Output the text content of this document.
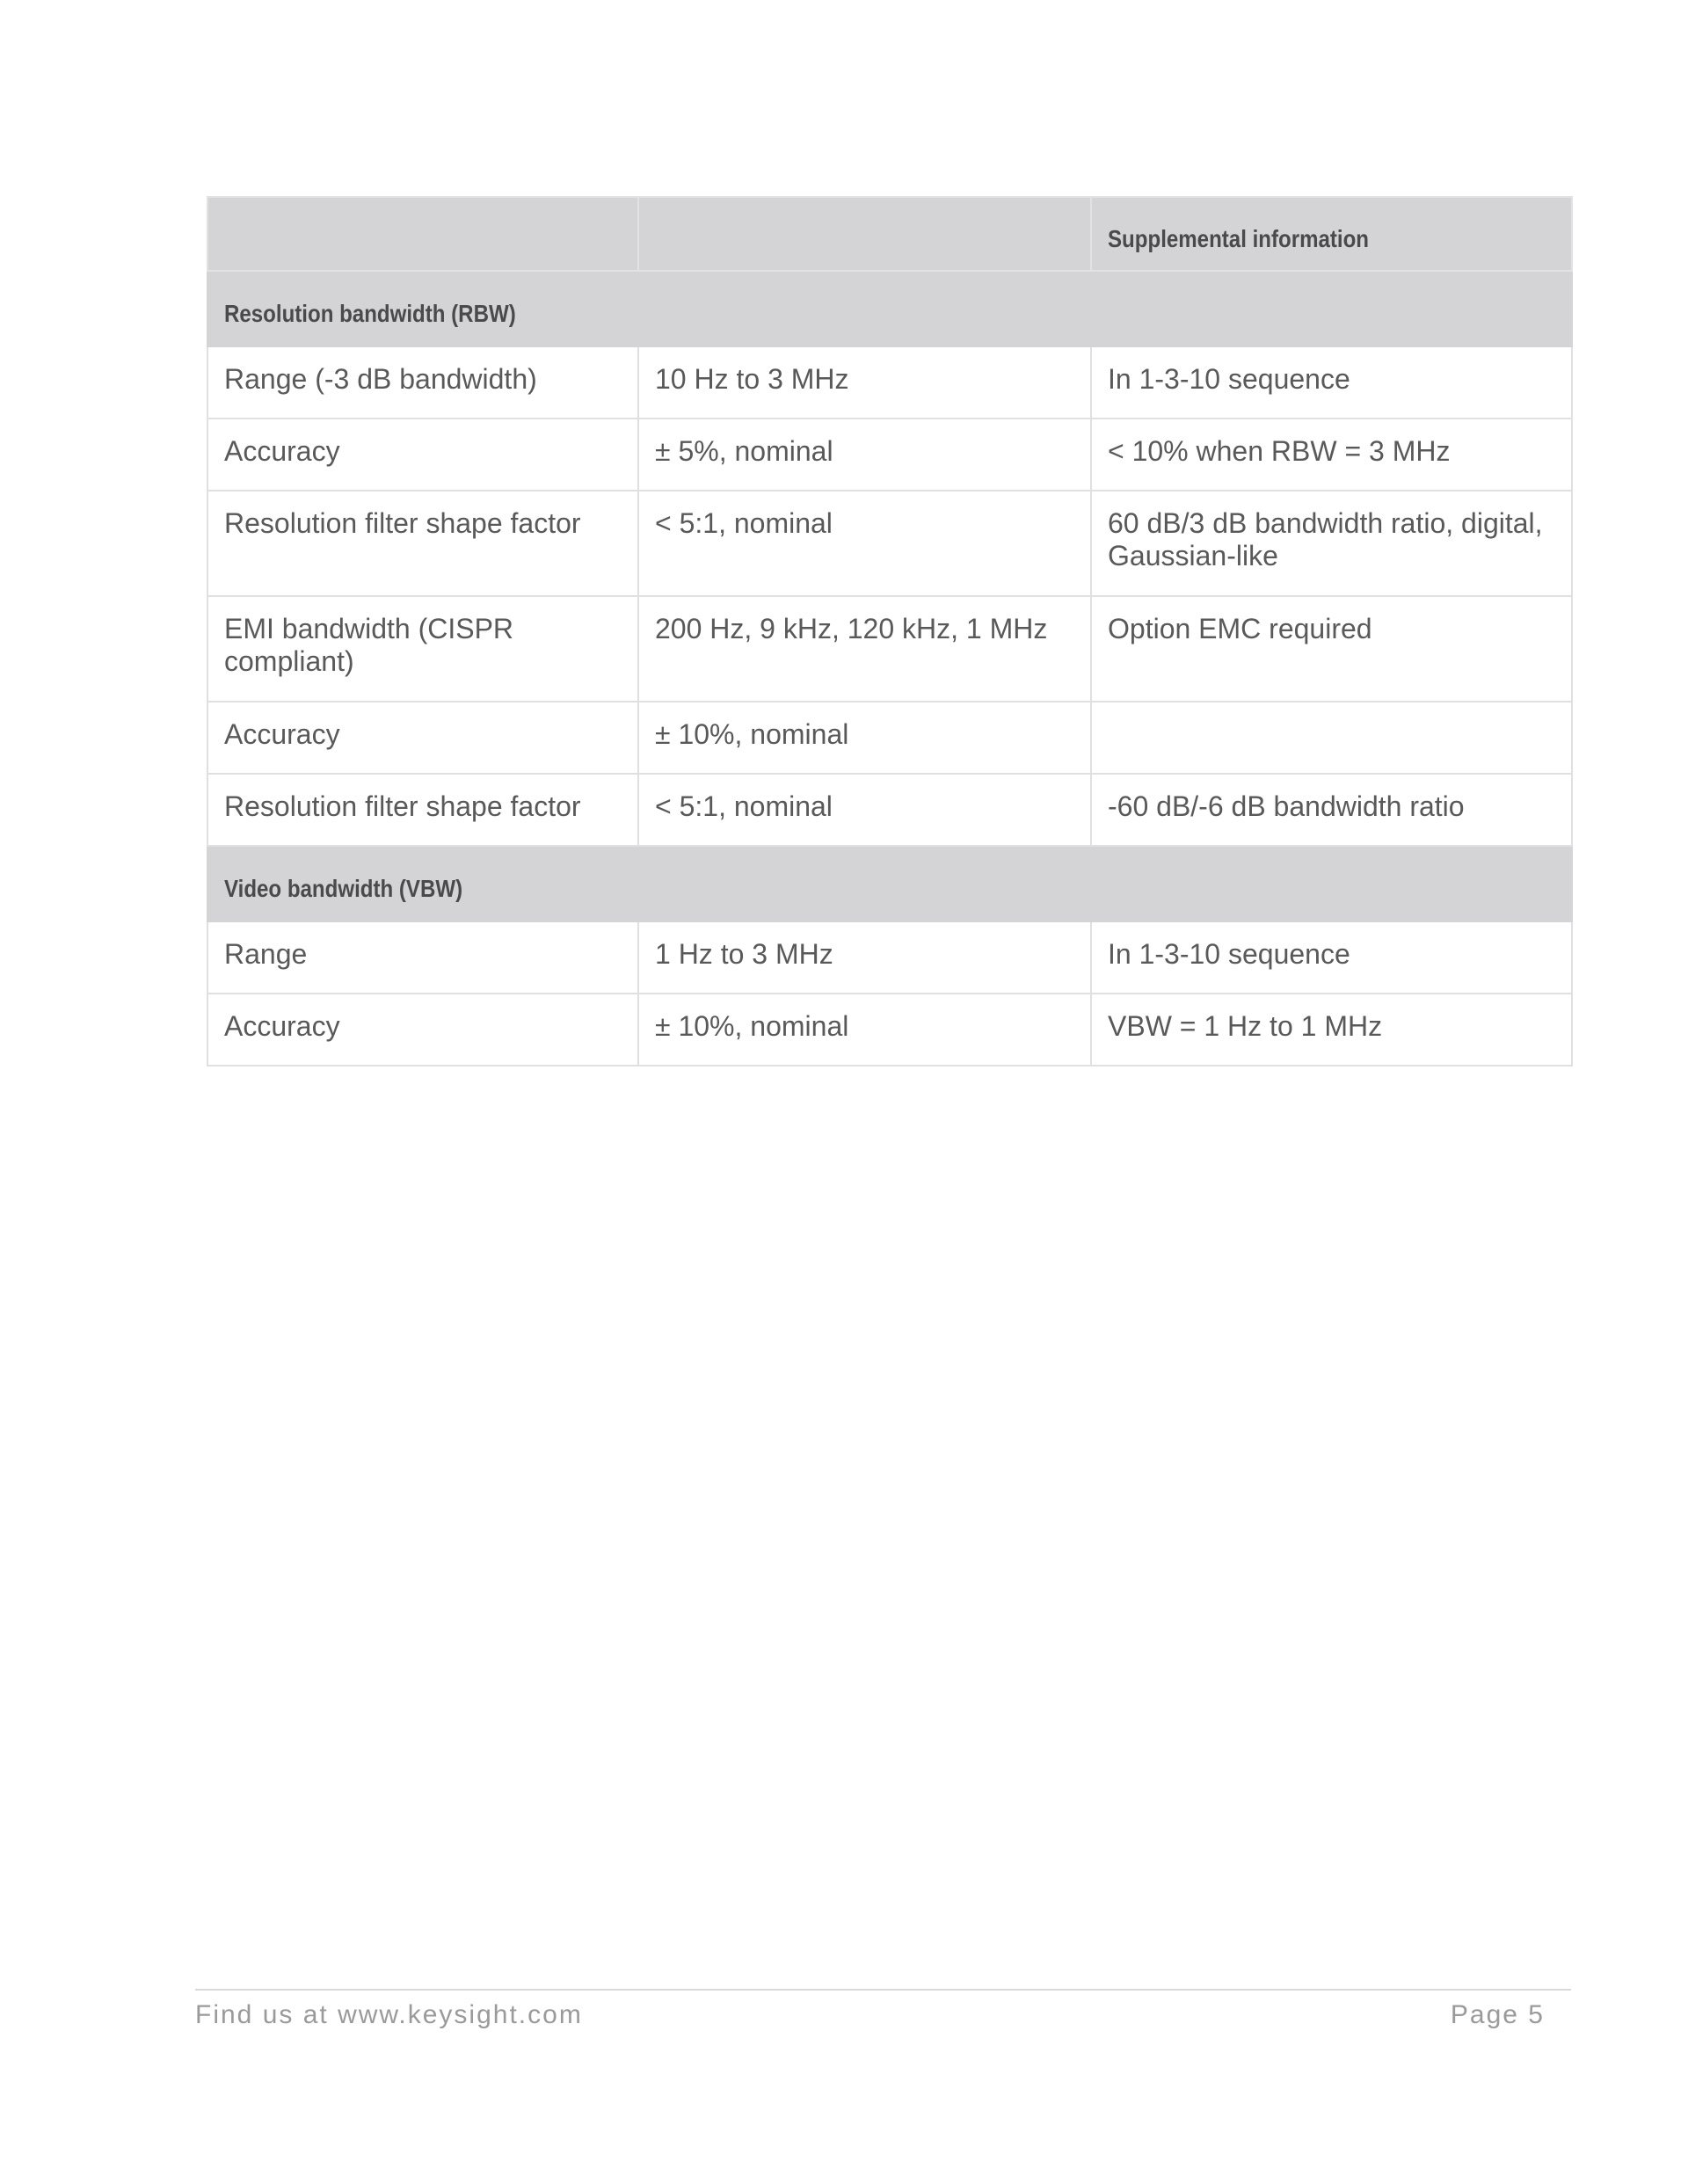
		Supplemental information
Resolution bandwidth (RBW)		
Range (-3 dB bandwidth)	10 Hz to 3 MHz	In 1-3-10 sequence
Accuracy	± 5%, nominal	< 10% when RBW = 3 MHz
Resolution filter shape factor	< 5:1, nominal	60 dB/3 dB bandwidth ratio, digital, Gaussian-like
EMI bandwidth (CISPR compliant)	200 Hz, 9 kHz, 120 kHz, 1 MHz	Option EMC required
Accuracy	± 10%, nominal	
Resolution filter shape factor	< 5:1, nominal	-60 dB/-6 dB bandwidth ratio
Video bandwidth (VBW)		
Range	1 Hz to 3 MHz	In 1-3-10 sequence
Accuracy	± 10%, nominal	VBW = 1 Hz to 1 MHz
Find us at www.keysight.com	Page 5
